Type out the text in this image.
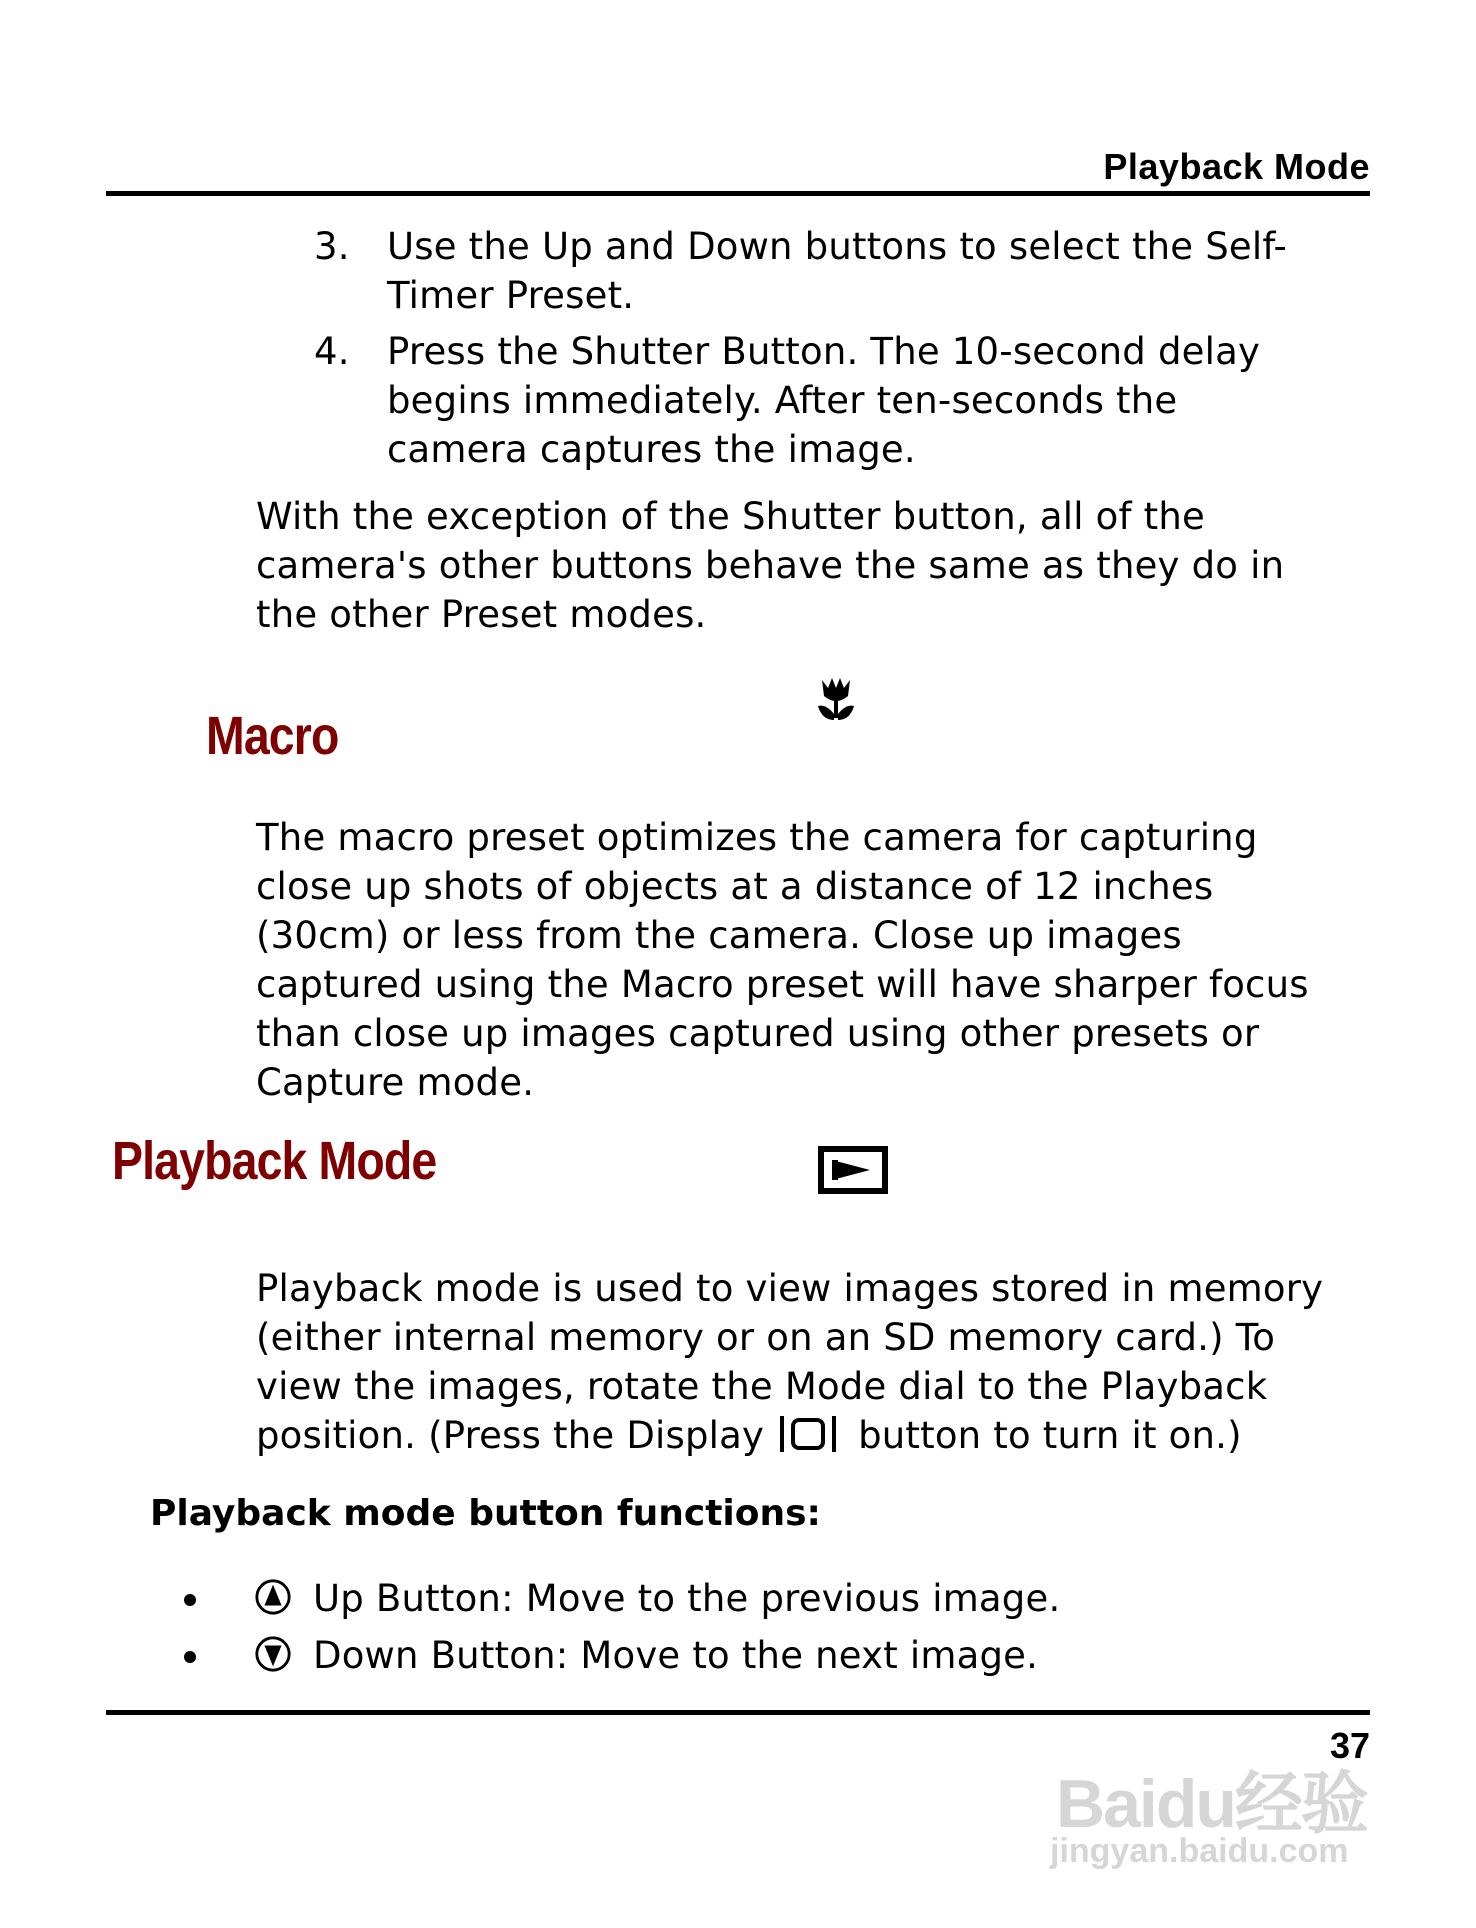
Playback Mode
3.	Use the Up and Down buttons to select the Self-
Timer Preset.
4.	Press the Shutter Button. The 10-second delay
begins immediately. After ten-seconds the
camera captures the image.
With the exception of the Shutter button, all of the
camera's other buttons behave the same as they do in
the other Preset modes.
Macro
The macro preset optimizes the camera for capturing
close up shots of objects at a distance of 12 inches
(30cm) or less from the camera. Close up images
captured using the Macro preset will have sharper focus
than close up images captured using other presets or
Capture mode.
Playback Mode
Playback mode is used to view images stored in memory
(either internal memory or on an SD memory card.) To
view the images, rotate the Mode dial to the Playback
position. (Press the Display	button to turn it on.)
Playback mode button functions:
Up Button: Move to the previous image.
Down Button: Move to the next image.
37
Baidu经验
jingyan.baidu.com
